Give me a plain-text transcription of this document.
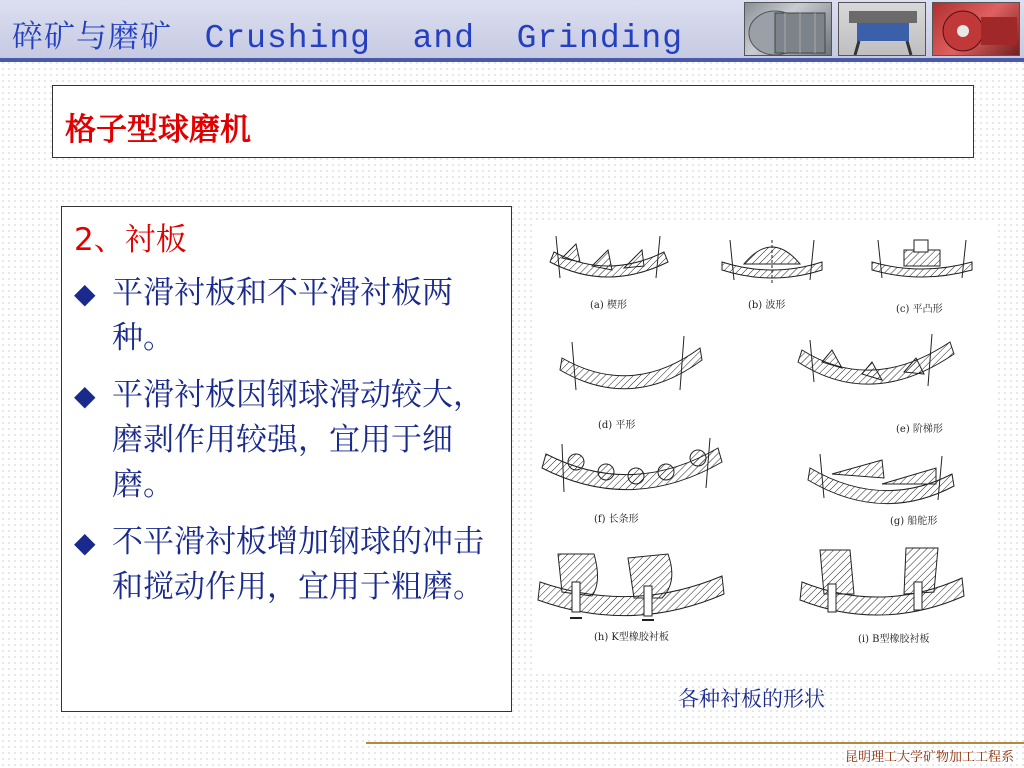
碎矿与磨矿 Crushing  and  Grinding
格子型球磨机
2、衬板
◆ 平滑衬板和不平滑衬板两种。
◆ 平滑衬板因钢球滑动较大，磨剥作用较强，宜用于细磨。
◆ 不平滑衬板增加钢球的冲击和搅动作用，宜用于粗磨。
(a) 楔形	(b) 波形	(c) 平凸形
(d) 平形	(e) 阶梯形
(f) 长条形	(g) 船舵形
(h) K型橡胶衬板	(i) B型橡胶衬板
各种衬板的形状
昆明理工大学矿物加工工程系
